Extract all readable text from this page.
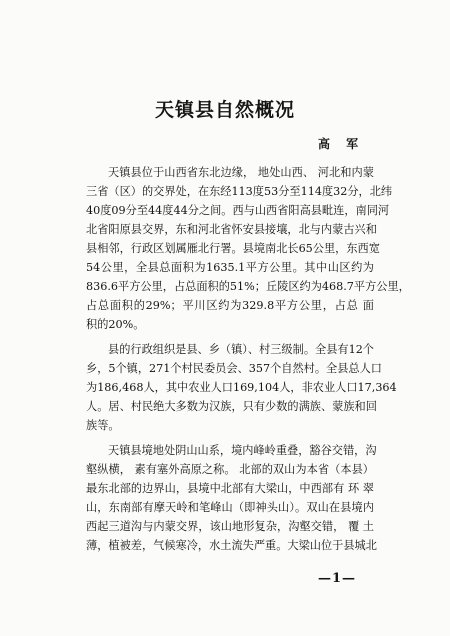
天镇县自然概况
高 军
天镇县位于山西省东北边缘， 地处山西、 河北和内蒙
三省（区）的交界处，在东经113度53分至114度32分，北纬
40度09分至44度44分之间。西与山西省阳高县毗连，南同河
北省阳原县交界，东和河北省怀安县接壤，北与内蒙古兴和
县相邻，行政区划属雁北行署。县境南北长65公里，东西宽
54公里，全县总面积为1635.1平方公里。其中山区约为
836.6平方公里，占总面积的51%；丘陵区约为468.7平方公里，
占总面积的29%；平川区约为329.8平方公里，占总 面
积的20%。
县的行政组织是县、乡（镇）、村三级制。全县有12个
乡，5个镇，271个村民委员会、357个自然村。全县总人口
为186,468人，其中农业人口169,104人，非农业人口17,364
人。居、村民绝大多数为汉族，只有少数的满族、蒙族和回
族等。
天镇县境地处阴山山系，境内峰岭重叠，豁谷交错，沟
壑纵横， 素有塞外高原之称。 北部的双山为本省（本县）
最东北部的边界山，县境中北部有大梁山，中西部有 环 翠
山，东南部有摩天岭和笔峰山（即神头山）。双山在县境内
西起三道沟与内蒙交界，该山地形复杂，沟壑交错， 覆 土
薄，植被差，气候寒冷，水土流失严重。大梁山位于县城北
—1—
